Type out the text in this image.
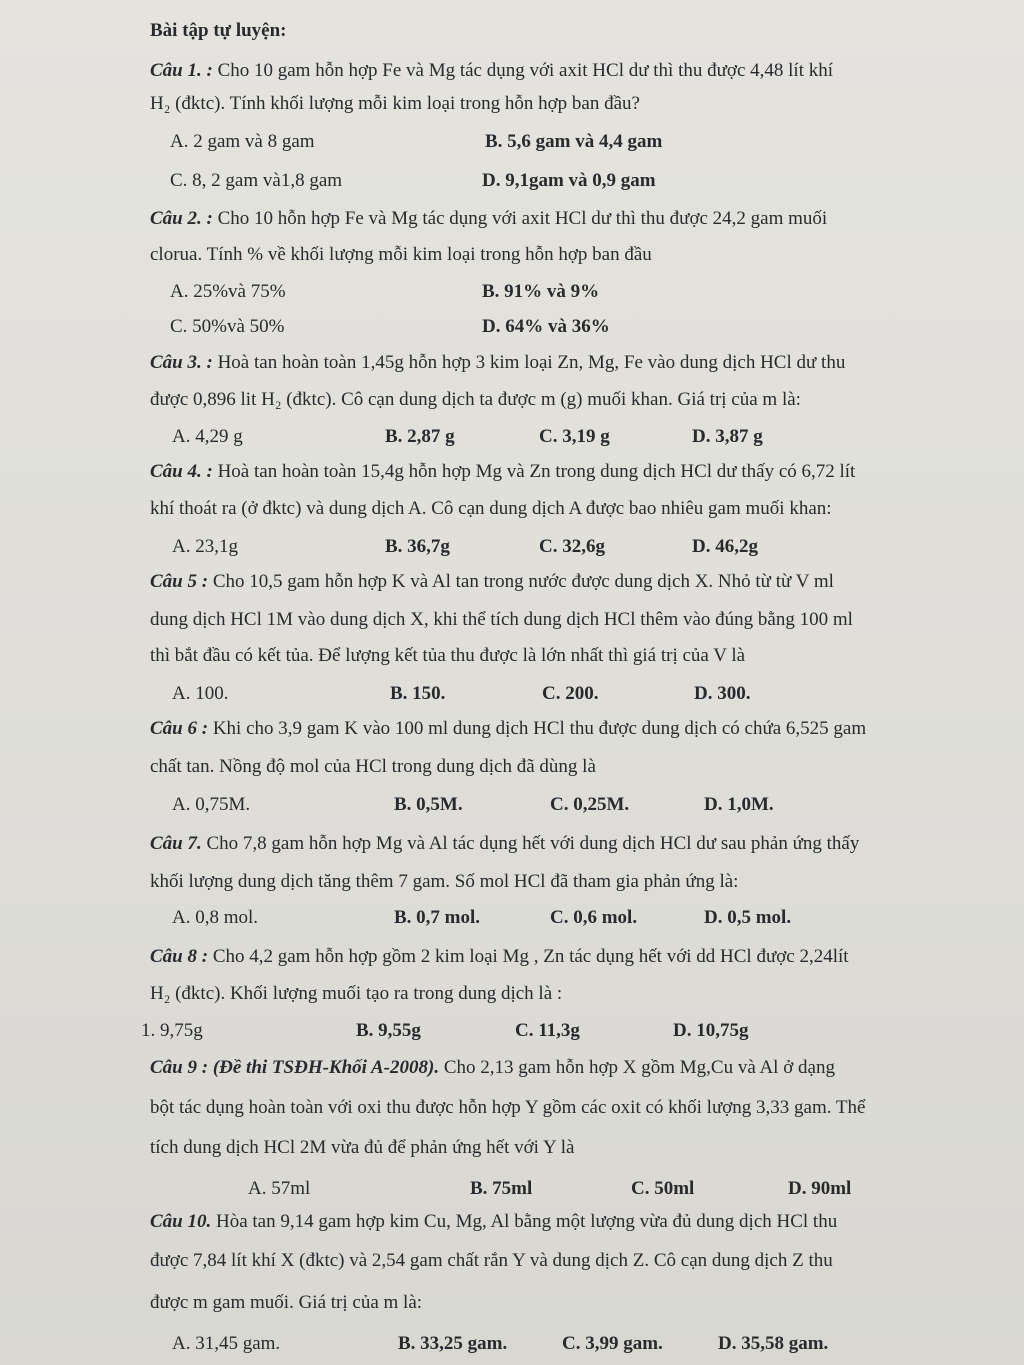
Bài tập tự luyện:
Câu 1. : Cho 10 gam hỗn hợp Fe và Mg tác dụng với axit HCl dư thì thu được 4,48 lít khí
H₂ (đktc). Tính khối lượng mỗi kim loại trong hỗn hợp ban đầu?
A. 2 gam và 8 gam	B. 5,6 gam và 4,4 gam
C. 8, 2 gam và1,8 gam	D. 9,1gam và 0,9 gam
Câu 2. : Cho 10 hỗn hợp Fe và Mg tác dụng với axit HCl dư thì thu được 24,2 gam muối
clorua. Tính % về khối lượng mỗi kim loại trong hỗn hợp ban đầu
A. 25%và 75%	B. 91% và 9%
C. 50%và 50%	D. 64% và 36%
Câu 3. : Hoà tan hoàn toàn 1,45g hỗn hợp 3 kim loại Zn, Mg, Fe vào dung dịch HCl dư thu
được 0,896 lit H₂ (đktc). Cô cạn dung dịch ta được m (g) muối khan. Giá trị của m là:
A. 4,29 g	B. 2,87 g	C. 3,19 g	D. 3,87 g
Câu 4. : Hoà tan hoàn toàn 15,4g hỗn hợp Mg và Zn trong dung dịch HCl dư thấy có 6,72 lít
khí thoát ra (ở đktc) và dung dịch A. Cô cạn dung dịch A được bao nhiêu gam muối khan:
A. 23,1g	B. 36,7g	C. 32,6g	D. 46,2g
Câu 5 : Cho 10,5 gam hỗn hợp K và Al tan trong nước được dung dịch X. Nhỏ từ từ V ml
dung dịch HCl 1M vào dung dịch X, khi thể tích dung dịch HCl thêm vào đúng bằng 100 ml
thì bắt đầu có kết tủa. Để lượng kết tủa thu được là lớn nhất thì giá trị của V là
A. 100.	B. 150.	C. 200.	D. 300.
Câu 6 : Khi cho 3,9 gam K vào 100 ml dung dịch HCl thu được dung dịch có chứa 6,525 gam
chất tan. Nồng độ mol của HCl trong dung dịch đã dùng là
A. 0,75M.	B. 0,5M.	C. 0,25M.	D. 1,0M.
Câu 7. Cho 7,8 gam hỗn hợp Mg và Al tác dụng hết với dung dịch HCl dư sau phản ứng thấy
khối lượng dung dịch tăng thêm 7 gam. Số mol HCl đã tham gia phản ứng là:
A. 0,8 mol.	B. 0,7 mol.	C. 0,6 mol.	D. 0,5 mol.
Câu 8 : Cho 4,2 gam hỗn hợp gồm 2 kim loại Mg , Zn tác dụng hết với dd HCl được 2,24lít
H₂ (đktc). Khối lượng muối tạo ra trong dung dịch là :
1. 9,75g	B. 9,55g	C. 11,3g	D. 10,75g
Câu 9 : (Đề thi TSĐH-Khối A-2008). Cho 2,13 gam hỗn hợp X gồm Mg,Cu và Al ở dạng
bột tác dụng hoàn toàn với oxi thu được hỗn hợp Y gồm các oxit có khối lượng 3,33 gam. Thể
tích dung dịch HCl 2M vừa đủ để phản ứng hết với Y là
A. 57ml	B. 75ml	C. 50ml	D. 90ml
Câu 10. Hòa tan 9,14 gam hợp kim Cu, Mg, Al bằng một lượng vừa đủ dung dịch HCl thu
được 7,84 lít khí X (đktc) và 2,54 gam chất rắn Y và dung dịch Z. Cô cạn dung dịch Z thu
được m gam muối. Giá trị của m là:
A. 31,45 gam.	B. 33,25 gam.	C. 3,99 gam.	D. 35,58 gam.
